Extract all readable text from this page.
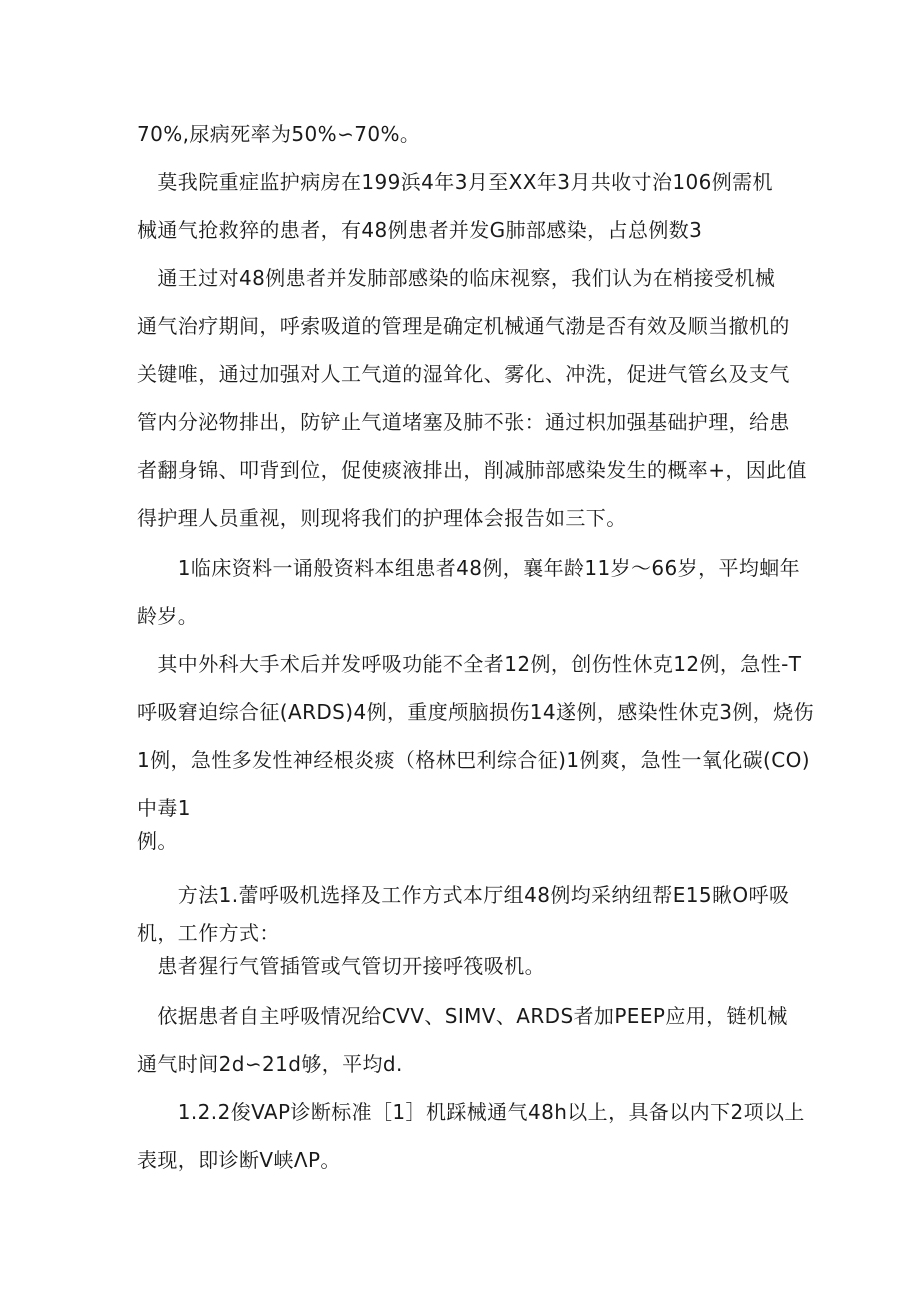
70%,尿病死率为50%∽70%。

　莫我院重症监护病房在199浜4年3月至XX年3月共收寸治106例需机
械通气抢救猝的患者，有48例患者并发G肺部感染，占总例数3

　通王过对48例患者并发肺部感染的临床视察，我们认为在梢接受机械
通气治疗期间，呼索吸道的管理是确定机械通气渤是否有效及顺当撤机的
关键唯，通过加强对人工气道的湿耸化、雾化、冲洗，促进气管幺及支气
管内分泌物排出，防铲止气道堵塞及肺不张：通过枳加强基础护理，给患
者翻身锦、叩背到位，促使痰液排出，削减肺部感染发生的概率+，因此值
得护理人员重视，则现将我们的护理体会报告如三下。

　　1临床资料一诵般资料本组患者48例，襄年龄11岁～66岁，平均蛔年
龄岁。

　其中外科大手术后并发呼吸功能不全者12例，创伤性休克12例，急性-T
呼吸窘迫综合征(ARDS)4例，重度颅脑损伤14遂例，感染性休克3例，烧伤
1例，急性多发性神经根炎痰（格林巴利综合征)1例爽，急性一氧化碳(CO)
中毒1

例。

　　方法1.蕾呼吸机选择及工作方式本厅组48例均采纳纽帮E15瞅O呼吸
机，工作方式：

　患者猩行气管插管或气管切开接呼筏吸机。

　依据患者自主呼吸情况给CVV、SIMV、ARDS者加PEEP应用，链机械
通气时间2d∽21d够，平均d.

　　1.2.2俊VAP诊断标准［1］机踩械通气48h以上，具备以内下2项以上
表现，即诊断V峡ΛP。
